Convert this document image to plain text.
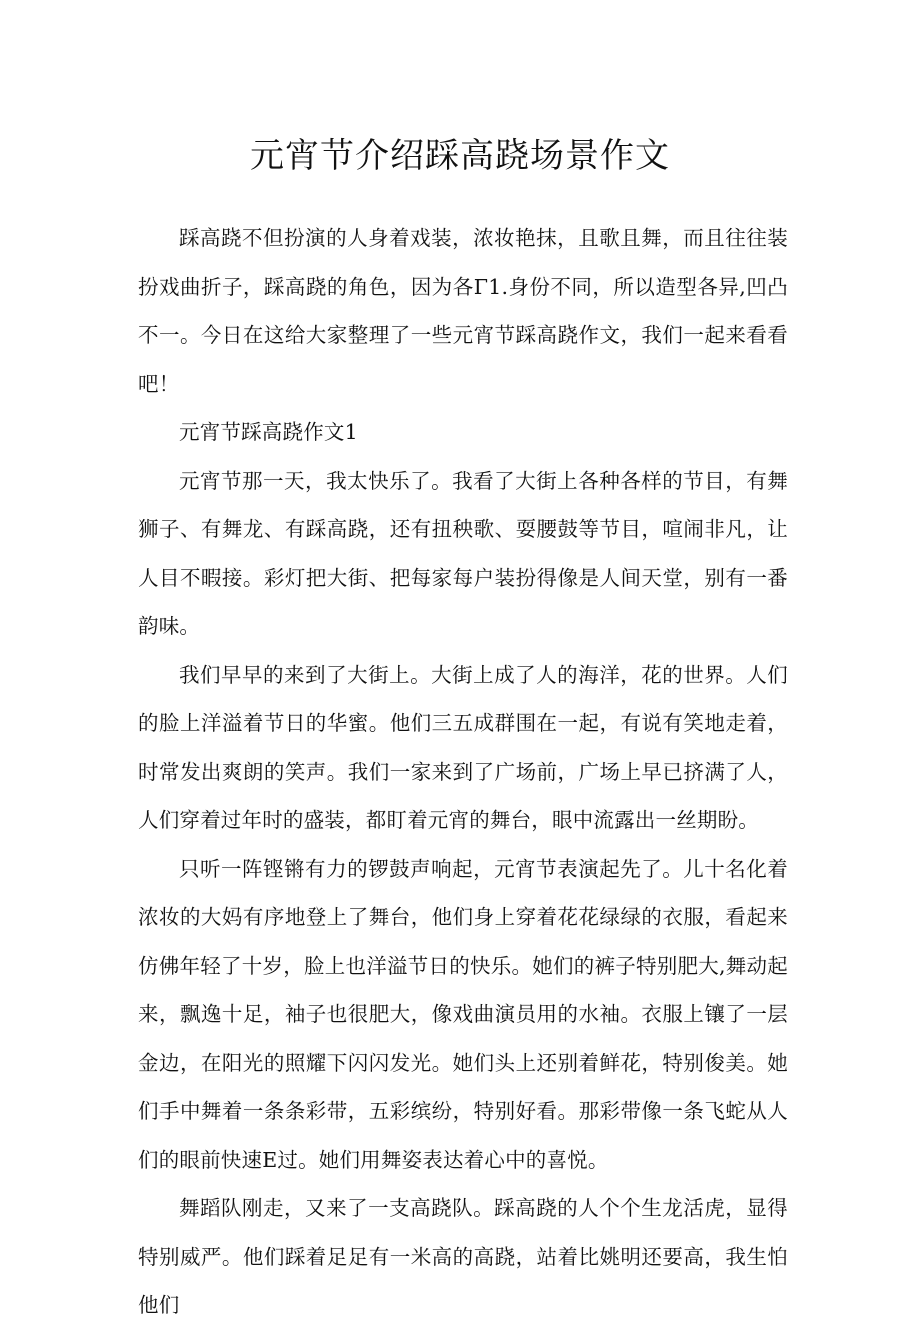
元宵节介绍踩高跷场景作文

踩高跷不但扮演的人身着戏装，浓妆艳抹，且歌且舞，而且往往装扮戏曲折子，踩高跷的角色，因为各Γ1.身份不同，所以造型各异,凹凸不一。今日在这给大家整理了一些元宵节踩高跷作文，我们一起来看看吧！

元宵节踩高跷作文1

元宵节那一天，我太快乐了。我看了大街上各种各样的节目，有舞狮子、有舞龙、有踩高跷，还有扭秧歌、耍腰鼓等节目，喧闹非凡，让人目不暇接。彩灯把大街、把每家每户装扮得像是人间天堂，别有一番韵味。

我们早早的来到了大街上。大街上成了人的海洋，花的世界。人们的脸上洋溢着节日的华蜜。他们三五成群围在一起，有说有笑地走着，时常发出爽朗的笑声。我们一家来到了广场前，广场上早已挤满了人，人们穿着过年时的盛装，都盯着元宵的舞台，眼中流露出一丝期盼。

只听一阵铿锵有力的锣鼓声响起，元宵节表演起先了。儿十名化着浓妆的大妈有序地登上了舞台，他们身上穿着花花绿绿的衣服，看起来仿佛年轻了十岁，脸上也洋溢节日的快乐。她们的裤子特别肥大,舞动起来，飘逸十足，袖子也很肥大，像戏曲演员用的水袖。衣服上镶了一层金边，在阳光的照耀下闪闪发光。她们头上还别着鲜花，特别俊美。她们手中舞着一条条彩带，五彩缤纷，特别好看。那彩带像一条飞蛇从人们的眼前快速E过。她们用舞姿表达着心中的喜悦。

舞蹈队刚走，又来了一支高跷队。踩高跷的人个个生龙活虎，显得特别威严。他们踩着足足有一米高的高跷，站着比姚明还要高，我生怕他们
